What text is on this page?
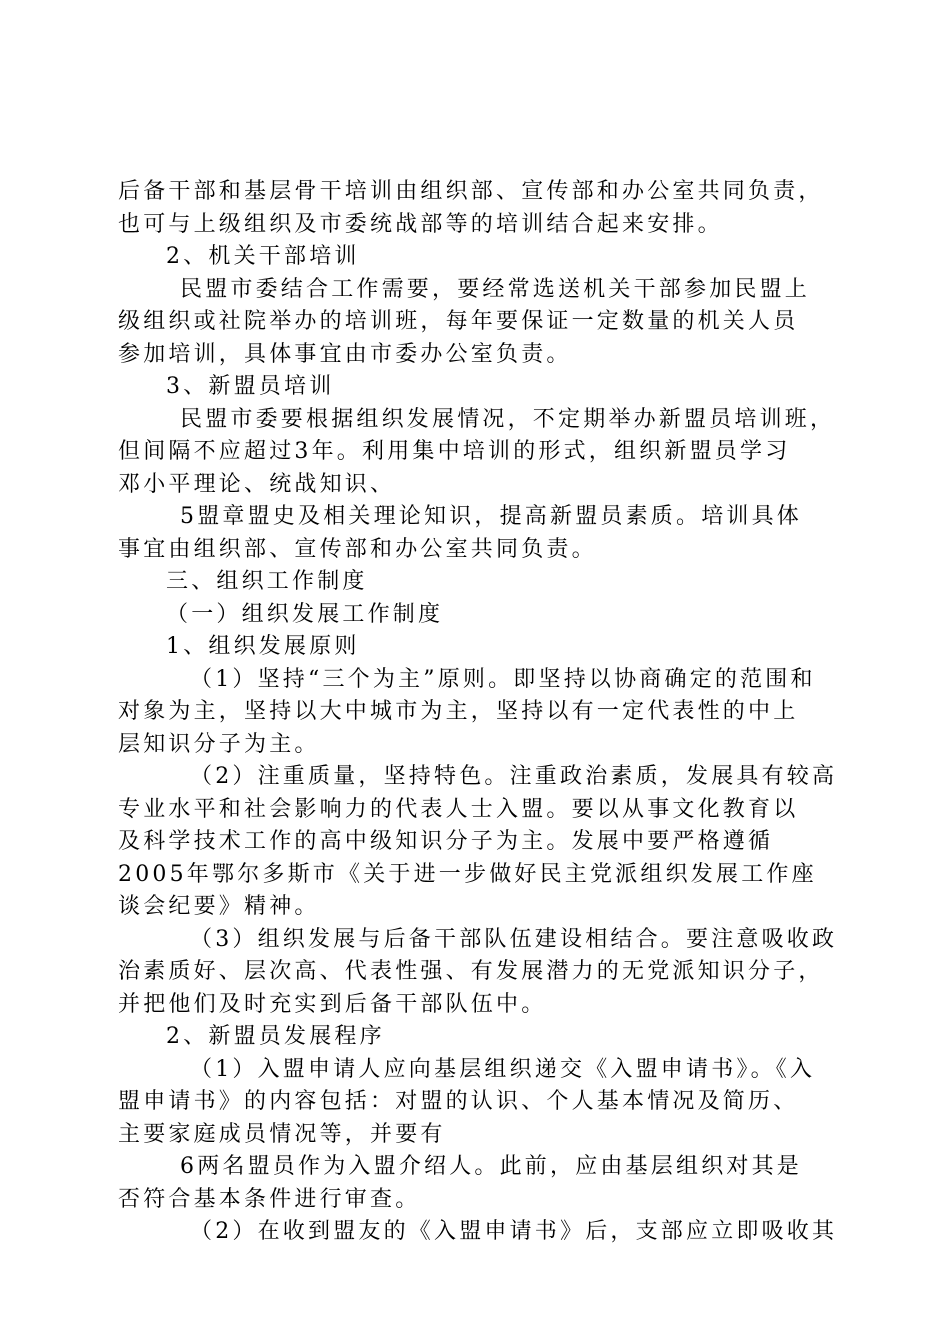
后备干部和基层骨干培训由组织部、宣传部和办公室共同负责，
也可与上级组织及市委统战部等的培训结合起来安排。
2、机关干部培训
民盟市委结合工作需要，要经常选送机关干部参加民盟上
级组织或社院举办的培训班，每年要保证一定数量的机关人员
参加培训，具体事宜由市委办公室负责。
3、新盟员培训
民盟市委要根据组织发展情况，不定期举办新盟员培训班，
但间隔不应超过3年。利用集中培训的形式，组织新盟员学习
邓小平理论、统战知识、
5盟章盟史及相关理论知识，提高新盟员素质。培训具体
事宜由组织部、宣传部和办公室共同负责。
三、组织工作制度
（一）组织发展工作制度
1、组织发展原则
（1）坚持“三个为主”原则。即坚持以协商确定的范围和
对象为主，坚持以大中城市为主，坚持以有一定代表性的中上
层知识分子为主。
（2）注重质量，坚持特色。注重政治素质，发展具有较高
专业水平和社会影响力的代表人士入盟。要以从事文化教育以
及科学技术工作的高中级知识分子为主。发展中要严格遵循
2005年鄂尔多斯市《关于进一步做好民主党派组织发展工作座
谈会纪要》精神。
（3）组织发展与后备干部队伍建设相结合。要注意吸收政
治素质好、层次高、代表性强、有发展潜力的无党派知识分子，
并把他们及时充实到后备干部队伍中。
2、新盟员发展程序
（1）入盟申请人应向基层组织递交《入盟申请书》。《入
盟申请书》的内容包括：对盟的认识、个人基本情况及简历、
主要家庭成员情况等，并要有
6两名盟员作为入盟介绍人。此前，应由基层组织对其是
否符合基本条件进行审查。
（2）在收到盟友的《入盟申请书》后，支部应立即吸收其
